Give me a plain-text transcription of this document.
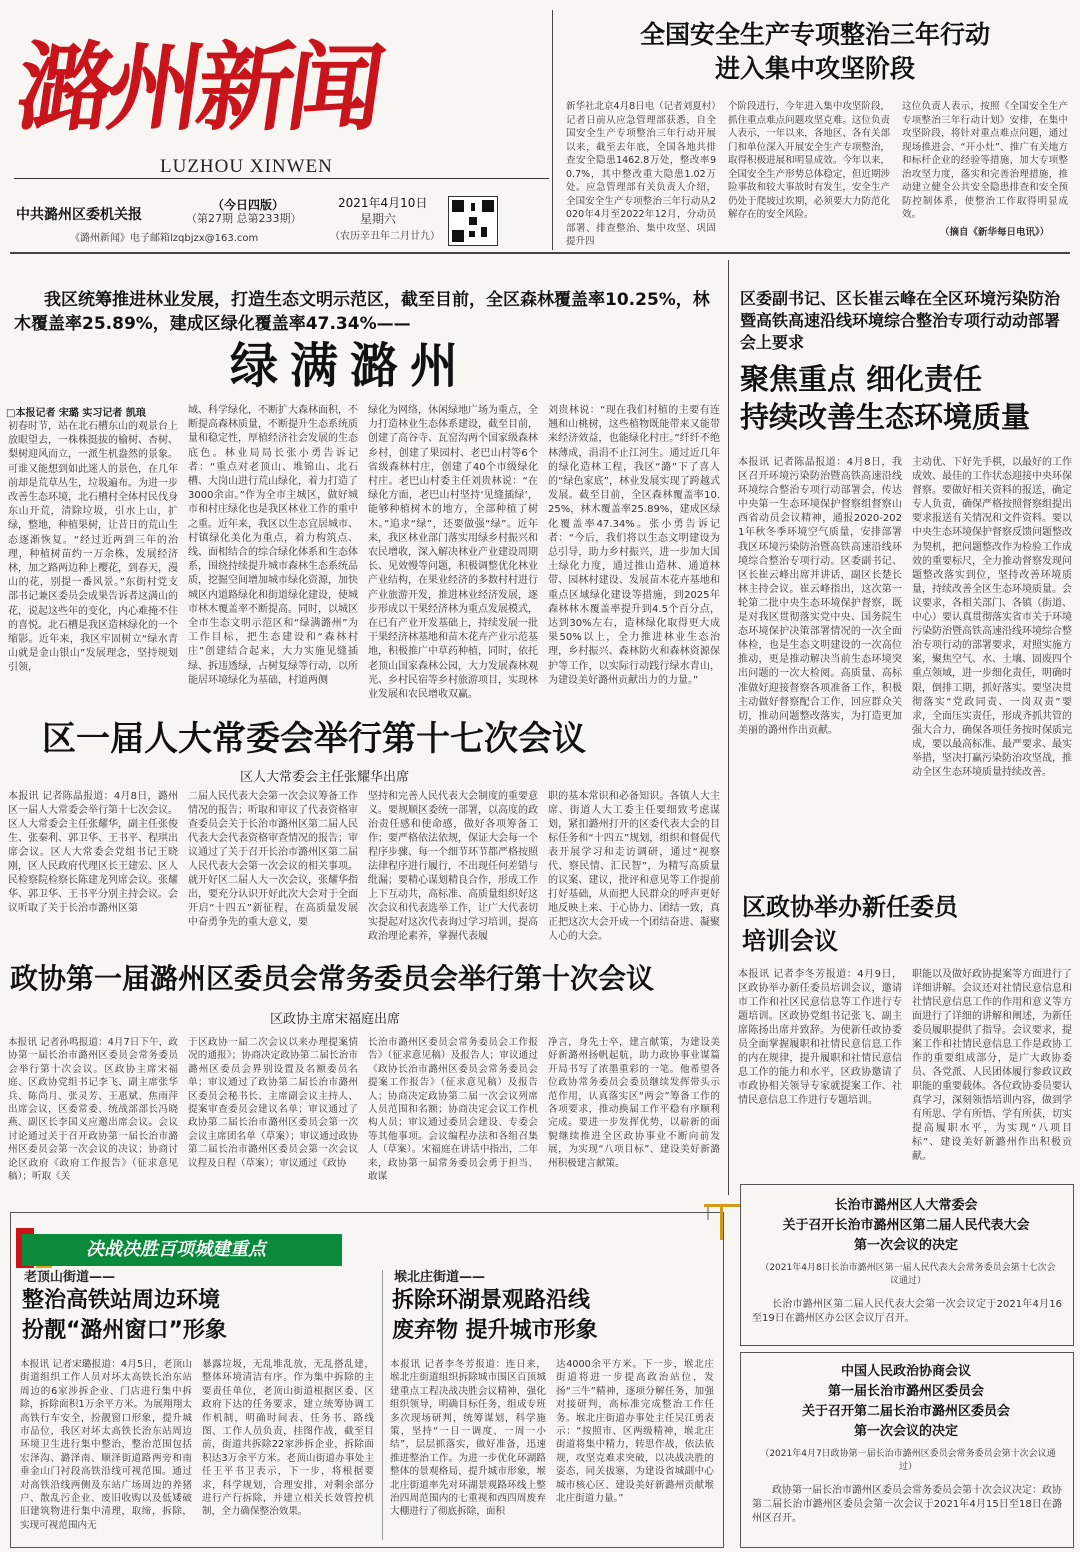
潞州新闻
LUZHOU XINWEN
中共潞州区委机关报
（今日四版）
（第27期 总第233期）
《潞州新闻》电子邮箱lzqbjzx@163.com
2021年4月10日
星期六
（农历辛丑年二月廿九）
全国安全生产专项整治三年行动
进入集中攻坚阶段
新华社北京4月8日电（记者刘夏村）记者日前从应急管理部获悉，自全国安全生产专项整治三年行动开展以来，截至去年底，全国各地共排查安全隐患1462.8万处，整改率90.7%，其中整改重大隐患1.02万处。应急管理部有关负责人介绍，全国安全生产专项整治三年行动从2020年4月至2022年12月，分动员部署、排查整治、集中攻坚、巩固提升四
个阶段进行，今年进入集中攻坚阶段，抓住重点难点问题攻坚克难。这位负责人表示，一年以来，各地区、各有关部门和单位深入开展安全生产专项整治，取得积极进展和明显成效。今年以来，全国安全生产形势总体稳定，但近期涉险事故和较大事故时有发生，安全生产仍处于爬坡过坎期，必须要大力防范化解存在的安全风险。
这位负责人表示，按照《全国安全生产专项整治三年行动计划》安排，在集中攻坚阶段，将针对重点难点问题，通过现场推进会、“开小灶”、推广有关地方和标杆企业的经验等措施，加大专项整治攻坚力度，落实和完善治理措施，推动建立健全公共安全隐患排查和安全预防控制体系，使整治工作取得明显成效。
（摘自《新华每日电讯》）
我区统筹推进林业发展，打造生态文明示范区，截至目前，全区森林覆盖率10.25%，林木覆盖率25.89%，建成区绿化覆盖率47.34%——
绿满潞州
□本报记者 宋璐 实习记者 凯琅
初春时节，站在北石槽东山的观景台上放眼望去，一株株挺拔的榆树、杏树、梨树迎风而立，一派生机盎然的景象。可谁又能想到如此迷人的景色，在几年前却是荒草丛生，垃圾遍布。为进一步改善生态环境，北石槽村全体村民伐身东山开荒，清除垃圾，引水上山，扩绿，整地，种植果树，让昔日的荒山生态逐渐恢复。“经过近两到三年的治理，种植树苗约一万余株，发展经济林，加之路两边种上樱花，到春天，漫山的花，别提一番风景。”东街村党支部书记兼区委员会成果告诉者这满山的花，说起这些年的变化，内心难掩不住的喜悦。北石槽是我区造林绿化的一个缩影。近年来，我区牢固树立“绿水青山就是金山银山”发展理念，坚持规划引领，
域、科学绿化，不断扩大森林面积，不断提高森林质量，不断提升生态系统质量和稳定性，厚植经济社会发展的生态底色。林业局局长张小勇告诉记者：“重点对老顶山、堆锦山、北石槽、大岗山进行荒山绿化，着力打造了3000余亩。”作为全市主城区，做好城市和村庄绿化也是我区林业工作的重中之重。近年来，我区以生态宜居城市、村镇绿化美化为重点，着力构筑点、线、面相结合的综合绿化体系和生态体系，围绕持续提升城市森林生态系统品质，挖掘空间增加城市绿化资源，加快城区内道路绿化和街道绿化建设，使城市林木覆盖率不断提高。同时，以城区全市生态文明示范区和“绿满潞州”为工作目标，把生态建设和“森林村庄”创建结合起来，大力实施见缝插绿、拆违透绿，占树复绿等行动，以所能居环境绿化为基础，村道两侧
绿化为网络，休闲绿地广场为重点，全力打造林业生态体系建设，截至目前，创建了高谷寺、瓦窑沟两个国家级森林乡村，创建了果园村、老巴山村等6个省级森林村庄，创建了40个市级绿化村庄。老巴山村委主任刘贵林说：“在绿化方面，老巴山村坚持‘见缝插绿’，能够种植树木的地方，全部种植了树木。”追求“绿”，还要做强“绿”。近年来，我区林业部门落实用绿乡村振兴和农民增收，深入解决林业产业建设周期长、见效慢等问题，积极调整优化林业产业结构，在果业经济的多数村村进行产业旅游开发，推进林业经济发展，逐步形成以干果经济林为重点发展模式，在已有产业开发基础上，持续发展一批干果经济林基地和苗木花卉产业示范基地，积极推广中草药种植，同时，依托老顶山国家森林公园，大力发展森林观光、乡村民宿等乡村旅游项目，实现林业发展和农民增收双赢。
刘贵林说：“现在我们村植的主要有连翘和山桃树，这些植物既能带来又能带来经济效益，也能绿化村庄。”纤纤不绝林薄成，涓涓不止江河生。通过近几年的绿化造林工程，我区“潞”下了喜人的“绿色家底”，林业发展实现了跨越式发展。截至目前，全区森林覆盖率10.25%，林木覆盖率25.89%，建成区绿化覆盖率47.34%。张小勇告诉记者：“今后，我们将以生态文明建设为总引导，助力乡村振兴，进一步加大国土绿化力度，通过推山造林、通道林带、园林村建设、发展苗木花卉基地和重点区域绿化建设等措施，到2025年森林林木覆盖率提升到4.5个百分点，达到30%左右，造林绿化取得更大成果50%以上，全力推进林业生态治理，乡村振兴、森林防火和森林资源保护等工作，以实际行动践行绿水青山，为建设美好潞州贡献出力的力量。”
区一届人大常委会举行第十七次会议
区人大常委会主任张耀华出席
本报讯 记者陈晶报道：4月8日，潞州区一届人大常委会举行第十七次会议。区人大常委会主任张耀华，副主任张俊生、张秦利、郭卫华、王书平、程琪出席会议。区人大常委会党组书记王晓刚，区人民政府代理区长王建宏、区人民检察院检察长陈建龙列席会议。张耀华、郭卫华、王书平分别主持会议。会议听取了关于长治市潞州区第
二届人民代表大会第一次会议筹备工作情况的报告；听取和审议了代表资格审查委员会关于长治市潞州区第二届人民代表大会代表资格审查情况的报告；审议通过了关于召开长治市潞州区第二届人民代表大会第一次会议的相关事项。就开好区二届人大一次会议，张耀华指出，要充分认识开好此次大会对于全面开启“十四五”新征程，在高质量发展中奋勇争先的重大意义，要
坚持和完善人民代表大会制度的重要意义。要规顺区委统一部署，以高度的政治责任感和使命感，做好各项筹备工作；要严格依法依规，保证大会每一个程序步骤、每一个细节环节都严格按照法律程序进行履行，不出现任何差错与纰漏；要精心谋划精良合作，形成工作上下互动共，高标准、高质量组织好这次会议和代表选举工作，让广大代表切实提起对这次代表询过学习培训，提高政治理论素养，掌握代表履
职的基本常识和必备知识。各镇人大主席、街道人大工委主任要细致考虑谋划，紧扣潞州打开的区委代表大会的目标任务和“十四五”规划，组织和督促代表开展学习和走访调研，通过“视察代、察民情、汇民智”，为精写高质量的议案、建议，批评和意见等工作提前打好基础，从而把人民群众的呼声更好地反映上来、于心协力、团结一致，真正把这次大会开成一个团结奋进、凝聚人心的大会。
政协第一届潞州区委员会常务委员会举行第十次会议
区政协主席宋福庭出席
本报讯 记者孙鸣报道：4月7日下午，政协第一届长治市潞州区委员会常务委员会举行第十次会议。区政协主席宋福庭、区政协党组书记李飞、副主席张华兵、陈尚月、张灵芳、王惠斌、焦雨萍出席会议，区委常委、统战部部长冯晓燕、副区长李国义应邀出席会议。会议讨论通过关于召开政协第一届长治市潞州区委员会第一次会议的决议；协商讨论区政府《政府工作报告》（征求意见稿）；听取《关
于区政协一届二次会议以来办理提案情况的通报》；协商决定政协第二届长治市潞州区委员会界别设置及名额委员名单；审议通过了政协第二届长治市潞州区委员会秘书长、主席副会议主持人、提案审查委员会建议名单；审议通过了政协第二届长治市潞州区委员会第一次会议主席团名单（草案）；审议通过政协第二届长治市潞州区委员会第一次会议议程及日程（草案）；审议通过《政协
长治市潞州区委员会常务委员会工作报告》（征求意见稿）及报告人；审议通过《政协长治市潞州区委员会常务委员会提案工作报告》（征求意见稿）及报告人；协商决定政协第二届一次会议列席人员范围和名额；协商决定会议工作机构人员；审议通过委员会建设、专委会等其他事项。会议编程办法和各组召集人（草案）。宋福庭在讲话中指出，二年来，政协第一届常务委员会勇于担当、敢谋
净言，身先士卒，建言献策，为建设美好新潞州扬帆起航，助力政协事业谋篇开局书写了浓墨重彩的一笔。他希望各位政协常务委员会委员继续发挥带头示范作用，认真落实区“两会”筹备工作的各项要求，推动换届工作平稳有序顺利完成。要进一步发挥优势，以崭新的面貌继续推进全区政协事业不断向前发展，为实现“八项目标”、建设美好新潞州积极建言献策。
区委副书记、区长崔云峰在全区环境污染防治暨高铁高速沿线环境综合整治专项行动动部署会上要求
聚焦重点 细化责任
持续改善生态环境质量
本报讯 记者陈晶报道：4月8日，我区召开环境污染防治暨高铁高速沿线环境综合整治专项行动部署会，传达中央第一生态环境保护督察组督察山西省动员会议精神，通报2020-2021年秋冬季环境空气质量，安排部署我区环境污染防治暨高铁高速沿线环境综合整治专项行动。区委副书记、区长崔云峰出席并讲话，副区长楚长林主持会议。崔云峰指出，这次第一轮第二批中央生态环境保护督察，既是对我区贯彻落实党中央、国务院生态环境保护决策部署情况的一次全面体检，也是生态文明建设的一次高位推动，更是推动解决当前生态环境突出问题的一次大检阅。高质量、高标准做好迎接督察各项准备工作，积极主动做好督察配合工作，回应群众关切，推动问题整改落实，为打造更加美丽的潞州作出贡献。
主动优、下好先手棋，以最好的工作成效、最佳的工作状态迎接中央环保督察。要做好相关资料的报送，确定专人负责，确保严格按照督察组提出要求报送有关情况和文件资料。要以中央生态环境保护督察反馈问题整改为契机，把问题整改作为检验工作成效的重要标尺，全力推动督察发现问题整改落实到位，坚持改善环境质量，持续改善全区生态环境质量。会议要求，各相关部门、各镇（街道、中心）要认真贯彻落实省市关于环境污染防治暨高铁高速沿线环境综合整治专项行动的部署要求，对照实施方案，聚焦空气、水、土壤、固废四个重点领域，进一步细化责任，明确时限，倒排工期，抓好落实。要坚决贯彻落实“党政同责、一岗双责”要求，全面压实责任，形成齐抓共管的强大合力，确保各项任务按时保质完成，要以最高标准、最严要求、最实举措，坚决打赢污染防治攻坚战，推动全区生态环境质量持续改善。
区政协举办新任委员
培训会议
本报讯 记者李冬芳报道：4月9日，区政协举办新任委员培训会议，邀请市工作和社区民意信息等工作进行专题培训。区政协党组书记张飞、副主席陈扬出席并致辞。为使新任政协委员全面掌握履职和社情民意信息工作的内在规律，提升履职和社情民意信息工作的能力和水平，区政协邀请了市政协相关领导专家就提案工作、社情民意信息工作进行专题培训。
职能以及做好政协提案等方面进行了详细讲解。会议还对社情民意信息和社情民意信息工作的作用和意义等方面进行了详细的讲解和阐述，为新任委员履职提供了指导。会议要求，提案工作和社情民意信息工作是政协工作的重要组成部分，是广大政协委员、各党派、人民团体履行参政议政职能的重要载体。各位政协委员要认真学习，深刻领悟培训内容，做到学有所思、学有所悟、学有所获，切实提高履职水平，为实现“八项目标”、建设美好新潞州作出积极贡献。
决战决胜百项城建重点
老顶山街道——
整治高铁站周边环境
扮靓“潞州窗口”形象
本报讯 记者宋璐报道：4月5日，老顶山街道组织工作人员对坏太高铁长治东站周边的6家涉拆企业、门店进行集中拆除，拆除面积1万余平方米。为展翔翔太高铁行车安全，扮靓窗口形象，提升城市品位，我区对坏太高铁长治东站周边环境卫生进行集中整治，整治范围包括宏泽沟、潞泽南、顺泽街道路两旁和南垂金山门衬段高铁沿线可视范围。通过对高铁沿线两侧及东站广场周边的养猪户、散乱污企业、废旧收购以及低矮破旧建筑物进行集中清理，取缔，拆除，实现可视范围内无
暴露垃圾，无乱堆乱放，无乱搭乱建，整体环境清洁有序。作为集中拆除的主要责任单位，老顶山街道根据区委、区政府下达的任务要求，建立统筹协调工作机制，明确时间表、任务书、路线图、工作人员负责，挂图作战，截至目前，街道共拆除22家涉拆企业，拆除面积达3万余平方米。老顶山街道办事处主任王平书卫表示，下一步，将根据要求，科学规划，合理安排，对剩余部分进行产行拆除，并建立相关长效管控机制，全力确保整治效果。
堠北庄街道——
拆除环湖景观路沿线
废弃物 提升城市形象
本报讯 记者李冬芳报道：连日来，堠北庄街道组织拆除城市围区百顶城建重点工程决战决胜会议精神，强化组织领导，明确目标任务，组成专班多次现场研判，统筹谋划，科学施策，坚持“一日一调度、一周一小结”，层层抓落实，做好准备，迅速推进整治工作。为进一步优化环湖路整体的景观格局，提升城市形象，堠北庄街道率先对环湖景观路环线上整治四周范围内的七重视和西四周废弃大棚进行了彻底拆除，面积
达4000余平方米。下一步，堠北庄街道将进一步提高政治站位，发扬“三牛”精神，逐项分解任务，加强对接研判，高标准完成整治工作任务。堠北庄街道办事处主任吴江勇表示：“按照市、区两级精神，堠北庄街道将集中精力，转思作战，依法依规，攻坚克难求突破，以决战决胜的姿态，同关拔寨，为建设省城副中心城市核心区、建设美好新潞州贡献堠北庄街道力量。”
长治市潞州区人大常委会
关于召开长治市潞州区第二届人民代表大会
第一次会议的决定
（2021年4月8日长治市潞州区第一届人民代表大会常务委员会第十七次会议通过）
长治市潞州区第二届人民代表大会第一次会议定于2021年4月16至19日在潞州区办公区会议厅召开。
中国人民政治协商会议
第一届长治市潞州区委员会
关于召开第二届长治市潞州区委员会
第一次会议的决定
（2021年4月7日政协第一届长治市潞州区委员会常务委员会第十次会议通过）
政协第一届长治市潞州区委员会常务委员会第十次会议决定：政协第二届长治市潞州区委员会第一次会议于2021年4月15日至18日在潞州区召开。
